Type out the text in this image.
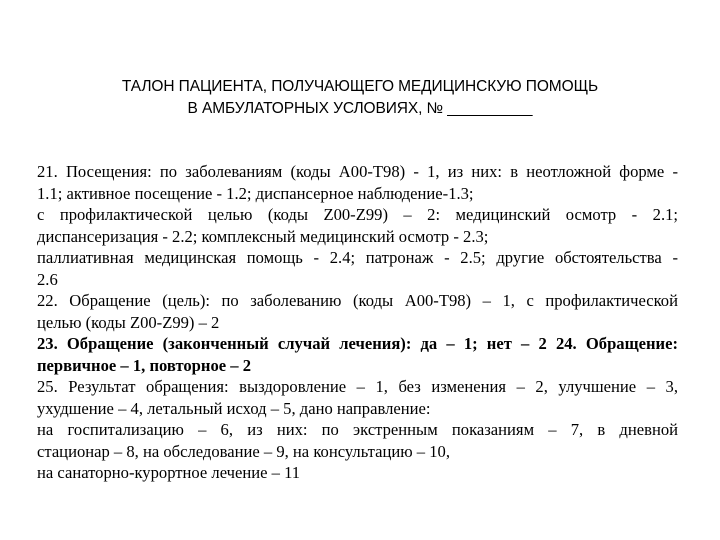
ТАЛОН ПАЦИЕНТА, ПОЛУЧАЮЩЕГО МЕДИЦИНСКУЮ ПОМОЩЬ
В АМБУЛАТОРНЫХ УСЛОВИЯХ, № __________
21. Посещения: по заболеваниям (коды А00-Т98) - 1, из них: в неотложной форме -
1.1; активное посещение - 1.2; диспансерное наблюдение-1.3;
с профилактической целью (коды Z00-Z99) – 2: медицинский осмотр - 2.1;
диспансеризация - 2.2; комплексный медицинский осмотр - 2.3;
паллиативная медицинская помощь - 2.4; патронаж - 2.5; другие обстоятельства -
2.6
22. Обращение (цель): по заболеванию (коды А00-Т98) – 1, с профилактической
целью (коды Z00-Z99) – 2
23. Обращение (законченный случай лечения): да – 1; нет – 2 24. Обращение:
первичное – 1, повторное – 2
25. Результат обращения: выздоровление – 1, без изменения – 2, улучшение – 3,
ухудшение – 4, летальный исход – 5, дано направление:
на госпитализацию – 6, из них: по экстренным показаниям – 7, в дневной
стационар – 8, на обследование – 9, на консультацию – 10,
на санаторно-курортное лечение – 11
